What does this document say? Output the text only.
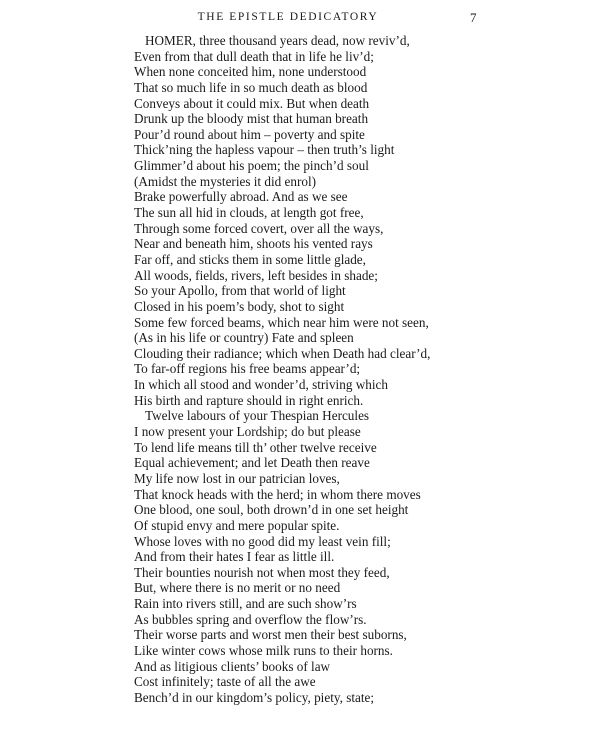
THE EPISTLE DEDICATORY	7
HOMER, three thousand years dead, now reviv’d,
Even from that dull death that in life he liv’d;
When none conceited him, none understood
That so much life in so much death as blood
Conveys about it could mix. But when death
Drunk up the bloody mist that human breath
Pour’d round about him – poverty and spite
Thick’ning the hapless vapour – then truth’s light
Glimmer’d about his poem; the pinch’d soul
(Amidst the mysteries it did enrol)
Brake powerfully abroad. And as we see
The sun all hid in clouds, at length got free,
Through some forced covert, over all the ways,
Near and beneath him, shoots his vented rays
Far off, and sticks them in some little glade,
All woods, fields, rivers, left besides in shade;
So your Apollo, from that world of light
Closed in his poem’s body, shot to sight
Some few forced beams, which near him were not seen,
(As in his life or country) Fate and spleen
Clouding their radiance; which when Death had clear’d,
To far-off regions his free beams appear’d;
In which all stood and wonder’d, striving which
His birth and rapture should in right enrich.
Twelve labours of your Thespian Hercules
I now present your Lordship; do but please
To lend life means till th’ other twelve receive
Equal achievement; and let Death then reave
My life now lost in our patrician loves,
That knock heads with the herd; in whom there moves
One blood, one soul, both drown’d in one set height
Of stupid envy and mere popular spite.
Whose loves with no good did my least vein fill;
And from their hates I fear as little ill.
Their bounties nourish not when most they feed,
But, where there is no merit or no need
Rain into rivers still, and are such show’rs
As bubbles spring and overflow the flow’rs.
Their worse parts and worst men their best suborns,
Like winter cows whose milk runs to their horns.
And as litigious clients’ books of law
Cost infinitely; taste of all the awe
Bench’d in our kingdom’s policy, piety, state;
